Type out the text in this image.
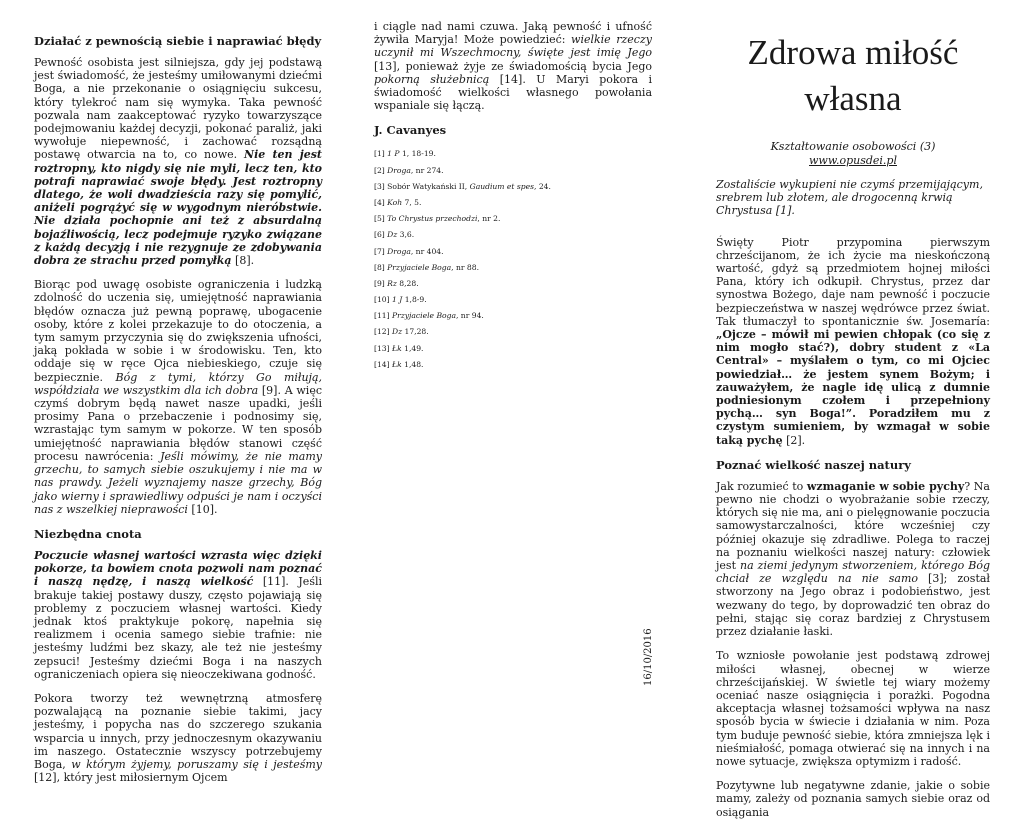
Działać z pewnością siebie i naprawiać błędy

Pewność osobista jest silniejsza, gdy jej podstawą jest świadomość, że jesteśmy umiłowanymi dziećmi Boga, a nie przekonanie o osiągnięciu sukcesu, który tylekroć nam się wymyka. Taka pewność pozwala nam zaakceptować ryzyko towarzyszące podejmowaniu każdej decyzji, pokonać paraliż, jaki wywołuje niepewność, i zachować rozsądną postawę otwarcia na to, co nowe. Nie ten jest roztropny, kto nigdy się nie myli, lecz ten, kto potrafi naprawiać swoje błędy. Jest roztropny dlatego, że woli dwadzieścia razy się pomylić, aniżeli pogrążyć się w wygodnym nieróbstwie. Nie działa pochopnie ani też z absurdalną bojaźliwością, lecz podejmuje ryzyko związane z każdą decyzją i nie rezygnuje ze zdobywania dobra ze strachu przed pomyłką [8].

Biorąc pod uwagę osobiste ograniczenia i ludzką zdolność do uczenia się, umiejętność naprawiania błędów oznacza już pewną poprawę, ubogacenie osoby, które z kolei przekazuje to do otoczenia, a tym samym przyczynia się do zwiększenia ufności, jaką pokłada w sobie i w środowisku. Ten, kto oddaje się w ręce Ojca niebieskiego, czuje się bezpiecznie. Bóg z tymi, którzy Go miłują, współdziała we wszystkim dla ich dobra [9]. A więc czymś dobrym będą nawet nasze upadki, jeśli prosimy Pana o przebaczenie i podnosimy się, wzrastając tym samym w pokorze. W ten sposób umiejętność naprawiania błędów stanowi część procesu nawrócenia: Jeśli mówimy, że nie mamy grzechu, to samych siebie oszukujemy i nie ma w nas prawdy. Jeżeli wyznajemy nasze grzechy, Bóg jako wierny i sprawiedliwy odpuści je nam i oczyści nas z wszelkiej nieprawości [10].

Niezbędna cnota

Poczucie własnej wartości wzrasta więc dzięki pokorze, ta bowiem cnota pozwoli nam poznać i naszą nędzę, i naszą wielkość [11]. Jeśli brakuje takiej postawy duszy, często pojawiają się problemy z poczuciem własnej wartości. Kiedy jednak ktoś praktykuje pokorę, napełnia się realizmem i ocenia samego siebie trafnie: nie jesteśmy ludźmi bez skazy, ale też nie jesteśmy zepsuci! Jesteśmy dziećmi Boga i na naszych ograniczeniach opiera się nieoczekiwana godność.

Pokora tworzy też wewnętrzną atmosferę pozwalającą na poznanie siebie takimi, jacy jesteśmy, i popycha nas do szczerego szukania wsparcia u innych, przy jednoczesnym okazywaniu im naszego. Ostatecznie wszyscy potrzebujemy Boga, w którym żyjemy, poruszamy się i jesteśmy [12], który jest miłosiernym Ojcem

i ciągle nad nami czuwa. Jaką pewność i ufność żywiła Maryja! Może powiedzieć: wielkie rzeczy uczynił mi Wszechmocny, święte jest imię Jego [13], ponieważ żyje ze świadomością bycia Jego pokorną służebnicą [14]. U Maryi pokora i świadomość wielkości własnego powołania wspaniale się łączą.

J. Cavanyes
[1] 1 P 1, 18-19.
[2] Droga, nr 274.
[3] Sobór Watykański II, Gaudium et spes, 24.
[4] Koh 7, 5.
[5] To Chrystus przechodzi, nr 2.
[6] Dz 3,6.
[7] Droga, nr 404.
[8] Przyjaciele Boga, nr 88.
[9] Rz 8,28.
[10] 1 J 1,8-9.
[11] Przyjaciele Boga, nr 94.
[12] Dz 17,28.
[13] Łk 1,49.
[14] Łk 1,48.
16/10/2016
Zdrowa miłość
własna
Kształtowanie osobowości (3)
www.opusdei.pl
Zostaliście wykupieni nie czymś przemijającym, srebrem lub złotem, ale drogocenną krwią Chrystusa [1].

Święty Piotr przypomina pierwszym chrześcijanom, że ich życie ma nieskończoną wartość, gdyż są przedmiotem hojnej miłości Pana, który ich odkupił. Chrystus, przez dar synostwa Bożego, daje nam pewność i poczucie bezpieczeństwa w naszej wędrówce przez świat. Tak tłumaczył to spontanicznie św. Josemaría: „Ojcze – mówił mi pewien chłopak (co się z nim mogło stać?), dobry student z «La Central» – myślałem o tym, co mi Ojciec powiedział… że jestem synem Bożym; i zauważyłem, że nagle idę ulicą z dumnie podniesionym czołem i przepełniony pychą… syn Boga!”. Poradziłem mu z czystym sumieniem, by wzmagał w sobie taką pychę [2].

Poznać wielkość naszej natury

Jak rozumieć to wzmaganie w sobie pychy? Na pewno nie chodzi o wyobrażanie sobie rzeczy, których się nie ma, ani o pielęgnowanie poczucia samowystarczalności, które wcześniej czy później okazuje się zdradliwe. Polega to raczej na poznaniu wielkości naszej natury: człowiek jest na ziemi jedynym stworzeniem, którego Bóg chciał ze względu na nie samo [3]; został stworzony na Jego obraz i podobieństwo, jest wezwany do tego, by doprowadzić ten obraz do pełni, stając się coraz bardziej z Chrystusem przez działanie łaski.

To wzniosłe powołanie jest podstawą zdrowej miłości własnej, obecnej w wierze chrześcijańskiej. W świetle tej wiary możemy oceniać nasze osiągnięcia i porażki. Pogodna akceptacja własnej tożsamości wpływa na nasz sposób bycia w świecie i działania w nim. Poza tym buduje pewność siebie, która zmniejsza lęk i nieśmiałość, pomaga otwierać się na innych i na nowe sytuacje, zwiększa optymizm i radość.

Pozytywne lub negatywne zdanie, jakie o sobie mamy, zależy od poznania samych siebie oraz od osiągania
